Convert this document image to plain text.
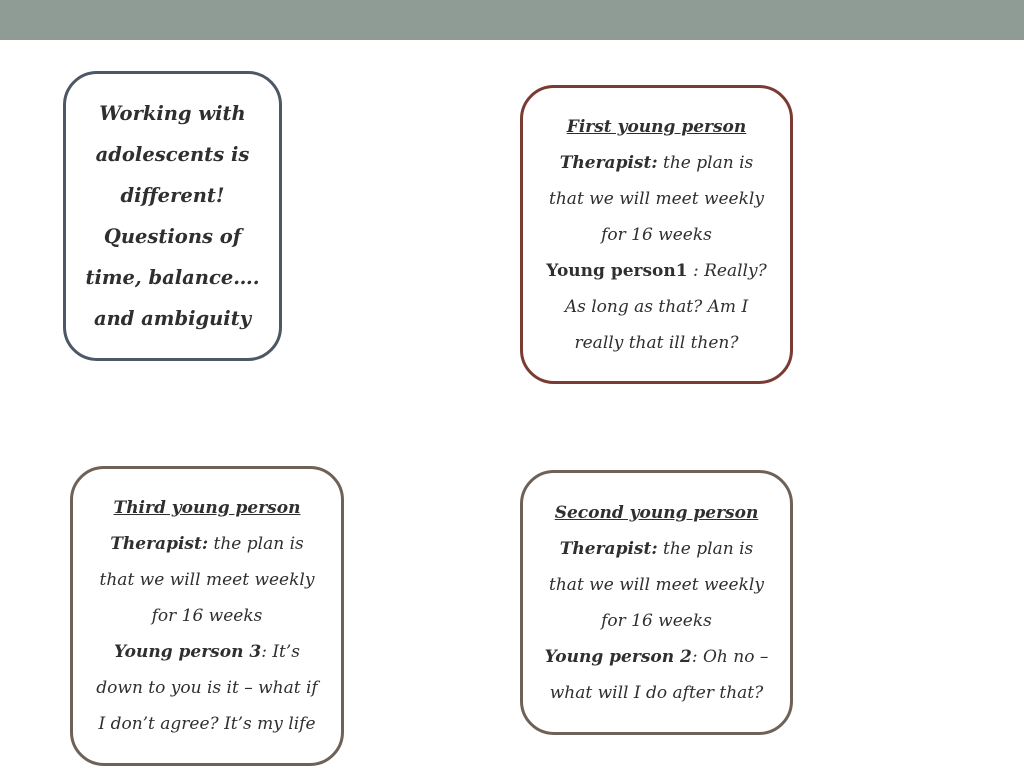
Working with

adolescents is

different!

Questions of

time, balance….

and ambiguity

First young person

Therapist: the plan is

that we will meet weekly

for 16 weeks

Young person1 : Really?

As long as that? Am I

really that ill then?

Second young person

Therapist: the plan is

that we will meet weekly

for 16 weeks

Young person 2: Oh no –

what will I do after that?

Third young person

Therapist: the plan is

that we will meet weekly

for 16 weeks

Young person 3: It’s

down to you is it – what if

I don’t agree? It’s my life
